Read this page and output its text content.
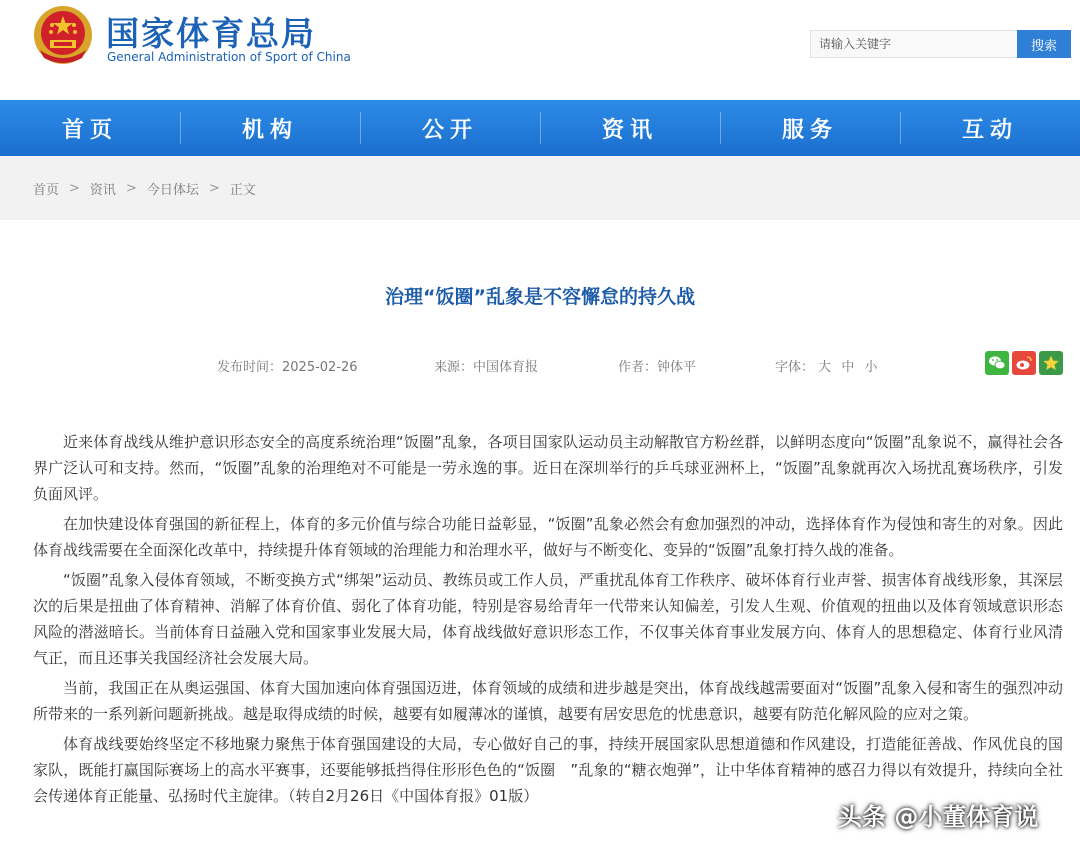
国家体育总局
General Administration of Sport of China
请输入关键字
搜索
首页	机构	公开	资讯	服务	互动
首页 > 资讯 > 今日体坛 > 正文
治理“饭圈”乱象是不容懈怠的持久战
发布时间：2025-02-26	来源：中国体育报	作者：钟体平	字体： 大 中 小

近来体育战线从维护意识形态安全的高度系统治理“饭圈”乱象，各项目国家队运动员主动解散官方粉丝群，以鲜明态度向“饭圈”乱象说不，赢得社会各界广泛认可和支持。然而，“饭圈”乱象的治理绝对不可能是一劳永逸的事。近日在深圳举行的乒乓球亚洲杯上，“饭圈”乱象就再次入场扰乱赛场秩序，引发负面风评。

在加快建设体育强国的新征程上，体育的多元价值与综合功能日益彰显，“饭圈”乱象必然会有愈加强烈的冲动，选择体育作为侵蚀和寄生的对象。因此体育战线需要在全面深化改革中，持续提升体育领域的治理能力和治理水平，做好与不断变化、变异的“饭圈”乱象打持久战的准备。

“饭圈”乱象入侵体育领域，不断变换方式“绑架”运动员、教练员或工作人员，严重扰乱体育工作秩序、破坏体育行业声誉、损害体育战线形象，其深层次的后果是扭曲了体育精神、消解了体育价值、弱化了体育功能，特别是容易给青年一代带来认知偏差，引发人生观、价值观的扭曲以及体育领域意识形态风险的潜滋暗长。当前体育日益融入党和国家事业发展大局，体育战线做好意识形态工作，不仅事关体育事业发展方向、体育人的思想稳定、体育行业风清气正，而且还事关我国经济社会发展大局。

当前，我国正在从奥运强国、体育大国加速向体育强国迈进，体育领域的成绩和进步越是突出，体育战线越需要面对“饭圈”乱象入侵和寄生的强烈冲动所带来的一系列新问题新挑战。越是取得成绩的时候，越要有如履薄冰的谨慎，越要有居安思危的忧患意识，越要有防范化解风险的应对之策。

体育战线要始终坚定不移地聚力聚焦于体育强国建设的大局，专心做好自己的事，持续开展国家队思想道德和作风建设，打造能征善战、作风优良的国家队，既能打赢国际赛场上的高水平赛事，还要能够抵挡得住形形色色的“饭圈　”乱象的“糖衣炮弹”，让中华体育精神的感召力得以有效提升，持续向全社会传递体育正能量、弘扬时代主旋律。（转自2月26日《中国体育报》01版）

头条 @小董体育说
